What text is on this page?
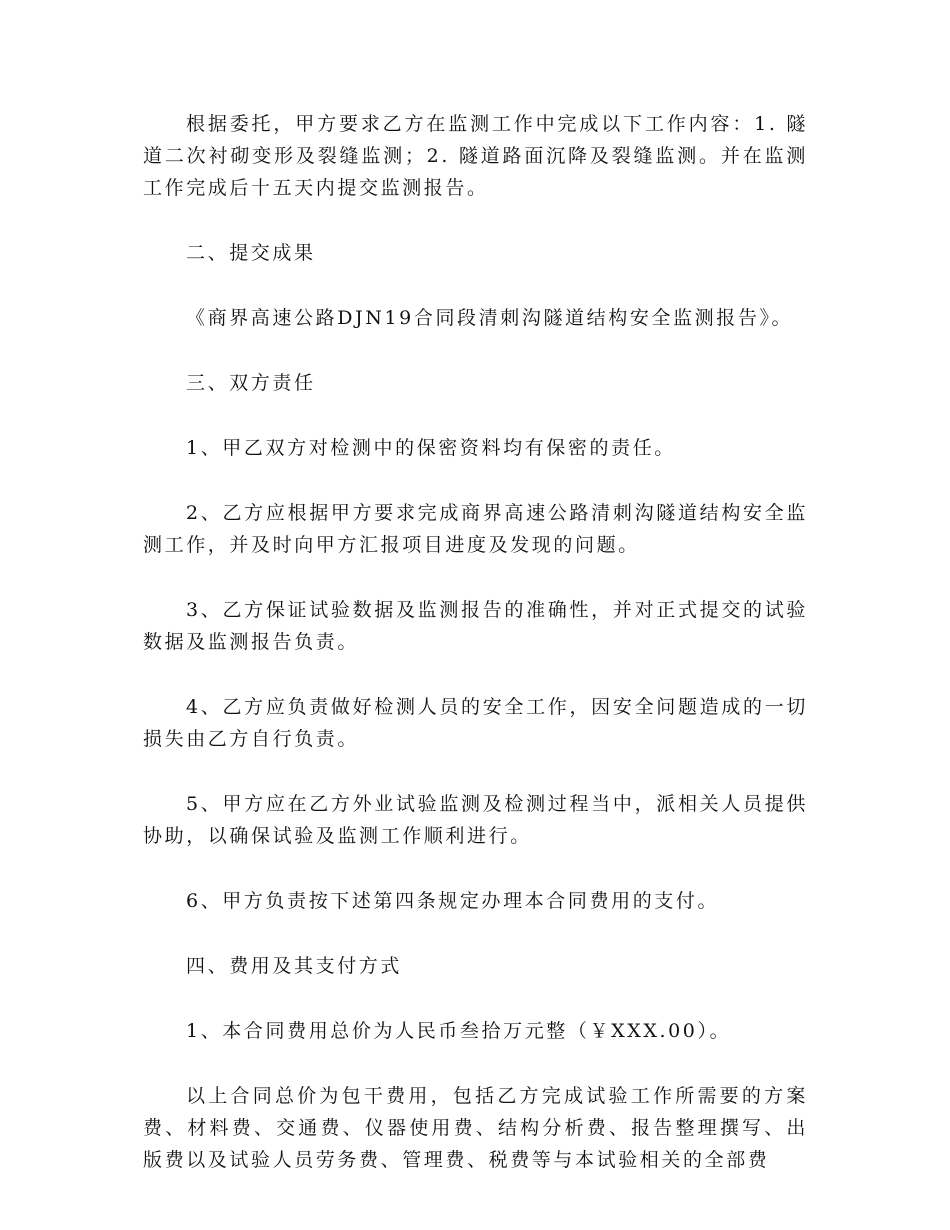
根据委托，甲方要求乙方在监测工作中完成以下工作内容：1. 隧道二次衬砌变形及裂缝监测；2. 隧道路面沉降及裂缝监测。并在监测工作完成后十五天内提交监测报告。

二、提交成果

《商界高速公路DJN19合同段清刺沟隧道结构安全监测报告》。

三、双方责任

1、甲乙双方对检测中的保密资料均有保密的责任。

2、乙方应根据甲方要求完成商界高速公路清刺沟隧道结构安全监测工作，并及时向甲方汇报项目进度及发现的问题。

3、乙方保证试验数据及监测报告的准确性，并对正式提交的试验数据及监测报告负责。

4、乙方应负责做好检测人员的安全工作，因安全问题造成的一切损失由乙方自行负责。

5、甲方应在乙方外业试验监测及检测过程当中，派相关人员提供协助，以确保试验及监测工作顺利进行。

6、甲方负责按下述第四条规定办理本合同费用的支付。

四、费用及其支付方式

1、本合同费用总价为人民币叁拾万元整（￥XXX.00）。

以上合同总价为包干费用，包括乙方完成试验工作所需要的方案费、材料费、交通费、仪器使用费、结构分析费、报告整理撰写、出版费以及试验人员劳务费、管理费、税费等与本试验相关的全部费
